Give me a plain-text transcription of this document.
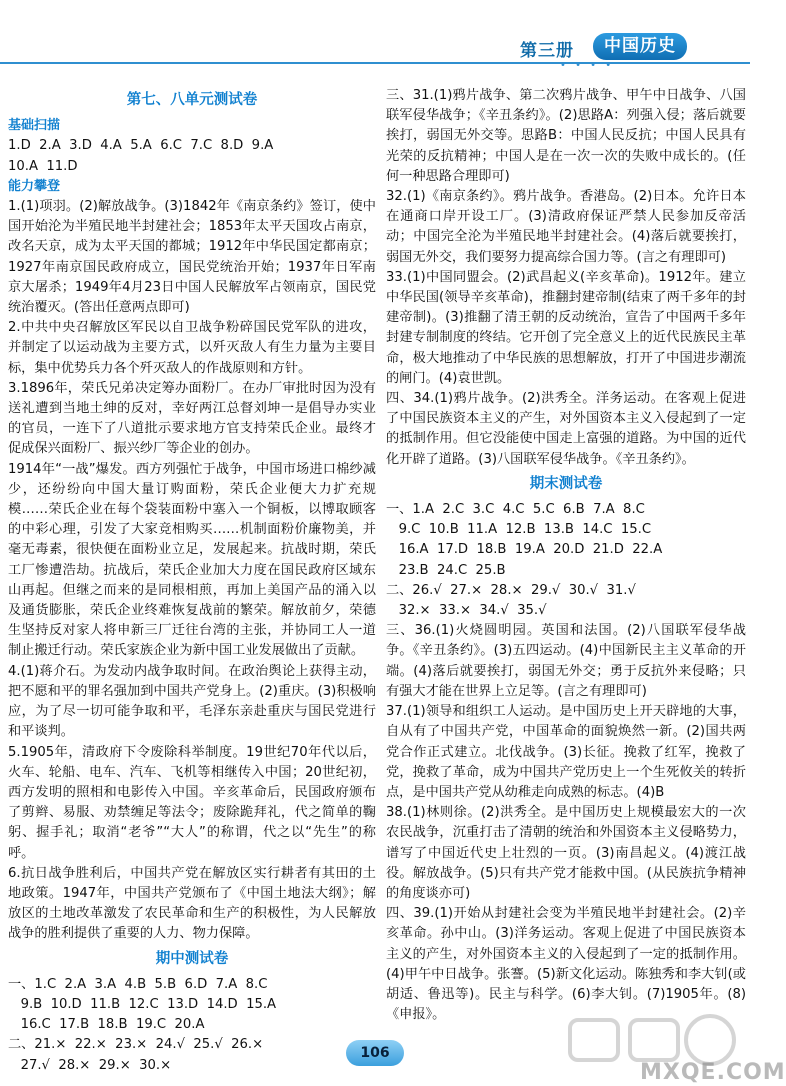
第三册	中国历史
• • • •
第七、八单元测试卷
基础扫描
1.D  2.A  3.D  4.A  5.A  6.C  7.C  8.D  9.A
10.A  11.D
能力攀登

1.(1)项羽。(2)解放战争。(3)1842年《南京条约》签订，使中国开始沦为半殖民地半封建社会；1853年太平天国攻占南京，改名天京，成为太平天国的都城；1912年中华民国定都南京；1927年南京国民政府成立，国民党统治开始；1937年日军南京大屠杀；1949年4月23日中国人民解放军占领南京，国民党统治覆灭。(答出任意两点即可)

2.中共中央召解放区军民以自卫战争粉碎国民党军队的进攻，并制定了以运动战为主要方式，以歼灭敌人有生力量为主要目标，集中优势兵力各个歼灭敌人的作战原则和方针。

3.1896年，荣氏兄弟决定筹办面粉厂。在办厂审批时因为没有送礼遭到当地土绅的反对，幸好两江总督刘坤一是倡导办实业的官员，一连下了八道批示要求地方官支持荣氏企业。最终才促成保兴面粉厂、振兴纱厂等企业的创办。

1914年“一战”爆发。西方列强忙于战争，中国市场进口棉纱减少，还纷纷向中国大量订购面粉，荣氏企业便大力扩充规模……荣氏企业在每个袋装面粉中塞入一个铜板，以博取顾客的中彩心理，引发了大家竞相购买……机制面粉价廉物美，并毫无毒素，很快便在面粉业立足，发展起来。抗战时期，荣氏工厂惨遭浩劫。抗战后，荣氏企业加大力度在国民政府区域东山再起。但继之而来的是同根相煎，再加上美国产品的涌入以及通货膨胀，荣氏企业终难恢复战前的繁荣。解放前夕，荣德生坚持反对家人将申新三厂迁往台湾的主张，并协同工人一道制止搬迁行动。荣氏家族企业为新中国工业发展做出了贡献。

4.(1)蒋介石。为发动内战争取时间。在政治舆论上获得主动，把不愿和平的罪名强加到中国共产党身上。(2)重庆。(3)积极响应，为了尽一切可能争取和平，毛泽东亲赴重庆与国民党进行和平谈判。

5.1905年，清政府下令废除科举制度。19世纪70年代以后，火车、轮船、电车、汽车、飞机等相继传入中国；20世纪初，西方发明的照相和电影传入中国。辛亥革命后，民国政府颁布了剪辫、易服、劝禁缠足等法令；废除跪拜礼，代之简单的鞠躬、握手礼；取消“老爷”“大人”的称谓，代之以“先生”的称呼。

6.抗日战争胜利后，中国共产党在解放区实行耕者有其田的土地政策。1947年，中国共产党颁布了《中国土地法大纲》；解放区的土地改革激发了农民革命和生产的积极性，为人民解放战争的胜利提供了重要的人力、物力保障。

期中测试卷
一、1.C  2.A  3.A  4.B  5.B  6.D  7.A  8.C
9.B  10.D  11.B  12.C  13.D  14.D  15.A
16.C  17.B  18.B  19.C  20.A
二、21.×  22.×  23.×  24.√  25.√  26.×
27.√  28.×  29.×  30.×

三、31.(1)鸦片战争、第二次鸦片战争、甲午中日战争、八国联军侵华战争；《辛丑条约》。(2)思路A：列强入侵；落后就要挨打，弱国无外交等。思路B：中国人民反抗；中国人民具有光荣的反抗精神；中国人是在一次一次的失败中成长的。(任何一种思路合理即可)

32.(1)《南京条约》。鸦片战争。香港岛。(2)日本。允许日本在通商口岸开设工厂。(3)清政府保证严禁人民参加反帝活动；中国完全沦为半殖民地半封建社会。(4)落后就要挨打，弱国无外交，我们要努力提高综合国力等。(言之有理即可)

33.(1)中国同盟会。(2)武昌起义(辛亥革命)。1912年。建立中华民国(领导辛亥革命)，推翻封建帝制(结束了两千多年的封建帝制)。(3)推翻了清王朝的反动统治，宣告了中国两千多年封建专制制度的终结。它开创了完全意义上的近代民族民主革命，极大地推动了中华民族的思想解放，打开了中国进步潮流的闸门。(4)袁世凯。

四、34.(1)鸦片战争。(2)洪秀全。洋务运动。在客观上促进了中国民族资本主义的产生，对外国资本主义入侵起到了一定的抵制作用。但它没能使中国走上富强的道路。为中国的近代化开辟了道路。(3)八国联军侵华战争。《辛丑条约》。

期末测试卷
一、1.A  2.C  3.C  4.C  5.C  6.B  7.A  8.C
9.C  10.B  11.A  12.B  13.B  14.C  15.C
16.A  17.D  18.B  19.A  20.D  21.D  22.A
23.B  24.C  25.B
二、26.√  27.×  28.×  29.√  30.√  31.√
32.×  33.×  34.√  35.√

三、36.(1)火烧圆明园。英国和法国。(2)八国联军侵华战争。《辛丑条约》。(3)五四运动。(4)中国新民主主义革命的开端。(4)落后就要挨打，弱国无外交；勇于反抗外来侵略；只有强大才能在世界上立足等。(言之有理即可)

37.(1)领导和组织工人运动。是中国历史上开天辟地的大事，自从有了中国共产党，中国革命的面貌焕然一新。(2)国共两党合作正式建立。北伐战争。(3)长征。挽救了红军，挽救了党，挽救了革命，成为中国共产党历史上一个生死攸关的转折点，是中国共产党从幼稚走向成熟的标志。(4)B

38.(1)林则徐。(2)洪秀全。是中国历史上规模最宏大的一次农民战争，沉重打击了清朝的统治和外国资本主义侵略势力，谱写了中国近代史上壮烈的一页。(3)南昌起义。(4)渡江战役。解放战争。(5)只有共产党才能救中国。(从民族抗争精神的角度谈亦可)

四、39.(1)开始从封建社会变为半殖民地半封建社会。(2)辛亥革命。孙中山。(3)洋务运动。客观上促进了中国民族资本主义的产生，对外国资本主义的入侵起到了一定的抵制作用。(4)甲午中日战争。张謇。(5)新文化运动。陈独秀和李大钊(或胡适、鲁迅等)。民主与科学。(6)李大钊。(7)1905年。(8)《申报》。

106
MXQE.COM
